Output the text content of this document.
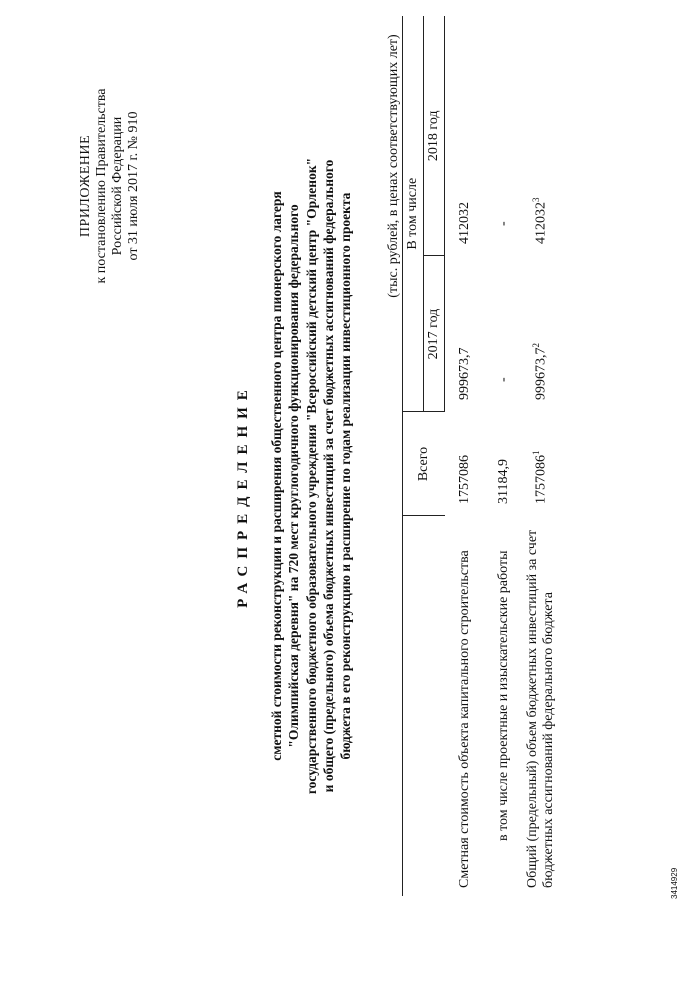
ПРИЛОЖЕНИЕ к постановлению Правительства Российской Федерации от 31 июля 2017 г. № 910
РАСПРЕДЕЛЕНИЕ сметной стоимости реконструкции и расширения общественного центра пионерского лагеря "Олимпийская деревня" на 720 мест круглогодичного функционирования федерального государственного бюджетного образовательного учреждения "Всероссийский детский центр "Орленок" и общего (предельного) объема бюджетных инвестиций за счет бюджетных ассигнований федерального бюджета в его реконструкцию и расширение по годам реализации инвестиционного проекта
(тыс. рублей, в ценах соответствующих лет)
	Всего	В том числе	
		2017 год	2018 год
Сметная стоимость объекта капитального строительства	1757086	999673,7	412032
в том числе проектные и изыскательские работы	31184,9	-	-

Общий (предельный) объем бюджетных инвестиций за счет бюджетных ассигнований федерального бюджета	1757086$^1$	999673,7$^2$	412032$^3$
3414929
